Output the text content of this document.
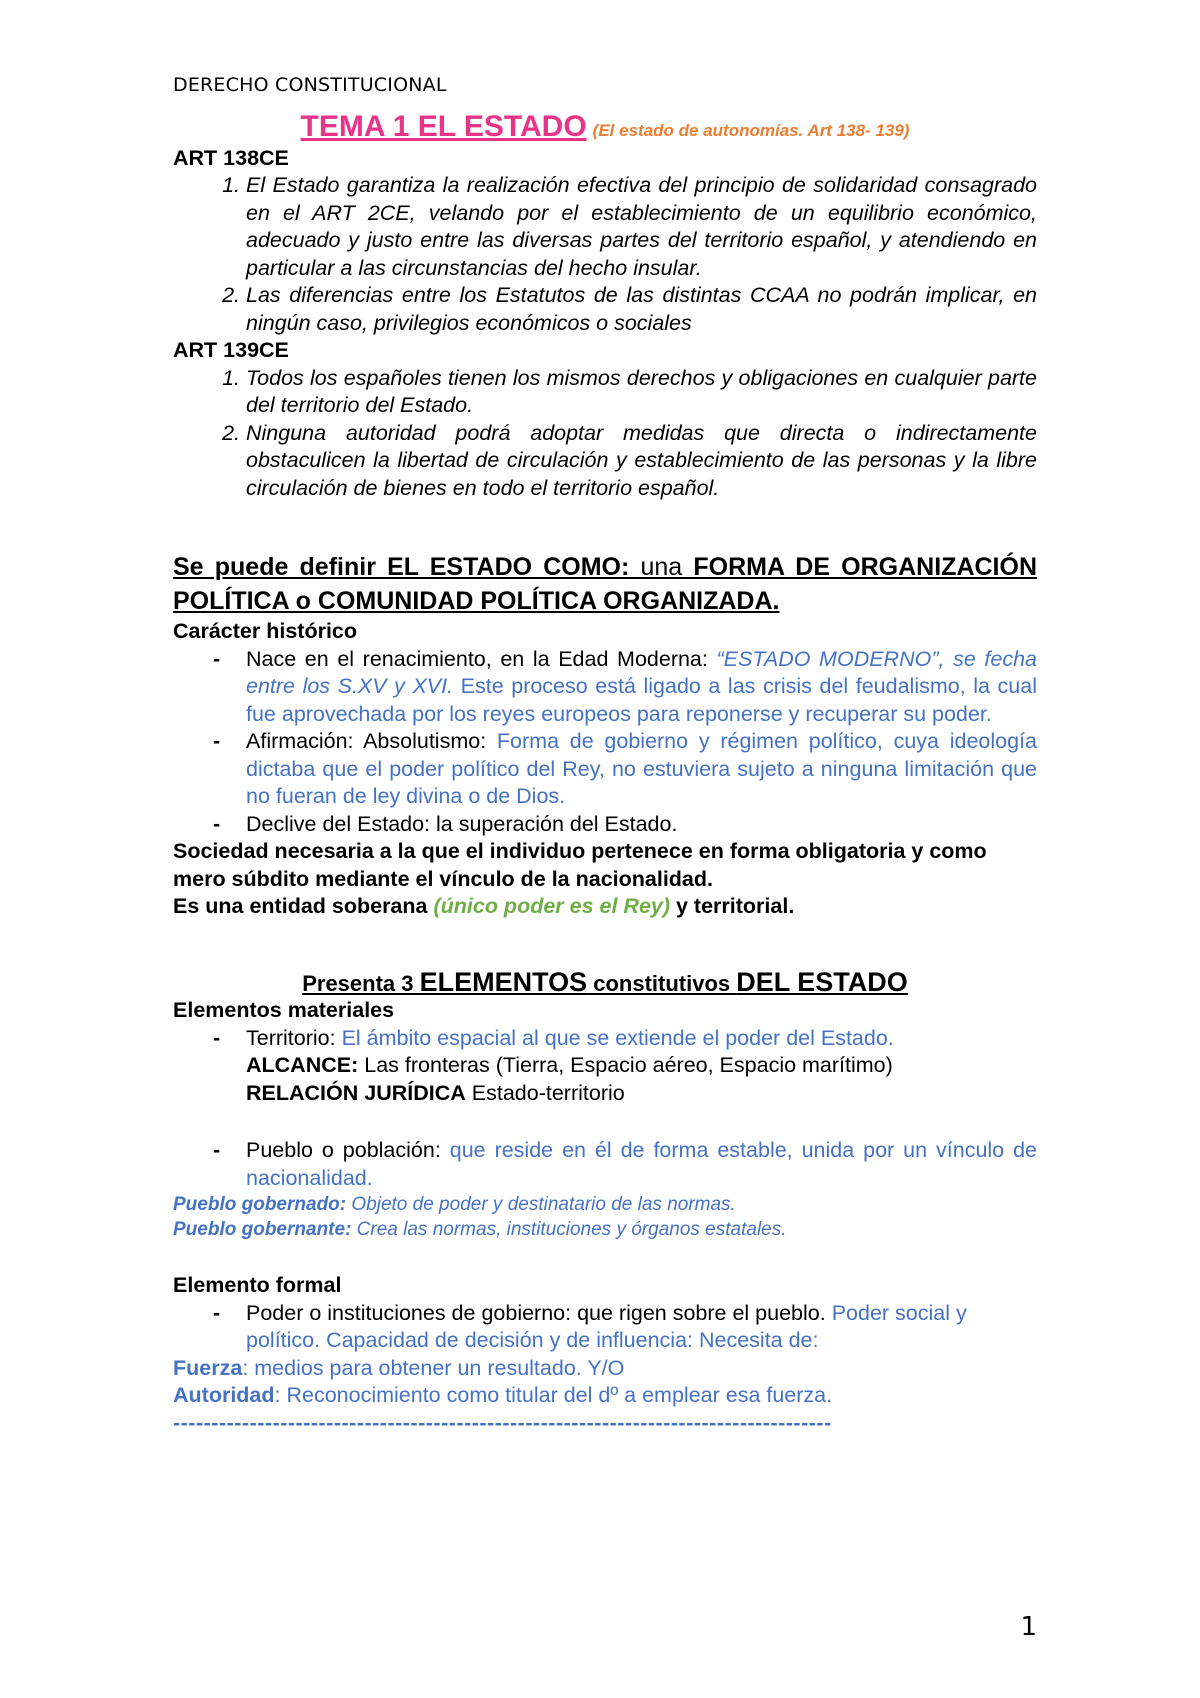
DERECHO CONSTITUCIONAL
TEMA 1 EL ESTADO (El estado de autonomías. Art 138- 139)
ART 138CE
1. El Estado garantiza la realización efectiva del principio de solidaridad consagrado en el ART 2CE, velando por el establecimiento de un equilibrio económico, adecuado y justo entre las diversas partes del territorio español, y atendiendo en particular a las circunstancias del hecho insular.
2. Las diferencias entre los Estatutos de las distintas CCAA no podrán implicar, en ningún caso, privilegios económicos o sociales
ART 139CE
1. Todos los españoles tienen los mismos derechos y obligaciones en cualquier parte del territorio del Estado.
2. Ninguna autoridad podrá adoptar medidas que directa o indirectamente obstaculicen la libertad de circulación y establecimiento de las personas y la libre circulación de bienes en todo el territorio español.
Se puede definir EL ESTADO COMO: una FORMA DE ORGANIZACIÓN POLÍTICA o COMUNIDAD POLÍTICA ORGANIZADA.
Carácter histórico
- Nace en el renacimiento, en la Edad Moderna: “ESTADO MODERNO”, se fecha entre los S.XV y XVI. Este proceso está ligado a las crisis del feudalismo, la cual fue aprovechada por los reyes europeos para reponerse y recuperar su poder.
- Afirmación: Absolutismo: Forma de gobierno y régimen político, cuya ideología dictaba que el poder político del Rey, no estuviera sujeto a ninguna limitación que no fueran de ley divina o de Dios.
- Declive del Estado: la superación del Estado.
Sociedad necesaria a la que el individuo pertenece en forma obligatoria y como mero súbdito mediante el vínculo de la nacionalidad.
Es una entidad soberana (único poder es el Rey) y territorial.
Presenta 3 ELEMENTOS constitutivos DEL ESTADO
Elementos materiales
- Territorio: El ámbito espacial al que se extiende el poder del Estado.
ALCANCE: Las fronteras (Tierra, Espacio aéreo, Espacio marítimo)
RELACIÓN JURÍDICA Estado-territorio
- Pueblo o población: que reside en él de forma estable, unida por un vínculo de nacionalidad.
Pueblo gobernado: Objeto de poder y destinatario de las normas.
Pueblo gobernante: Crea las normas, instituciones y órganos estatales.
Elemento formal
- Poder o instituciones de gobierno: que rigen sobre el pueblo. Poder social y político. Capacidad de decisión y de influencia: Necesita de:
Fuerza: medios para obtener un resultado. Y/O
Autoridad: Reconocimiento como titular del dº a emplear esa fuerza.
--------------------------------------------------------------------------------------
1
